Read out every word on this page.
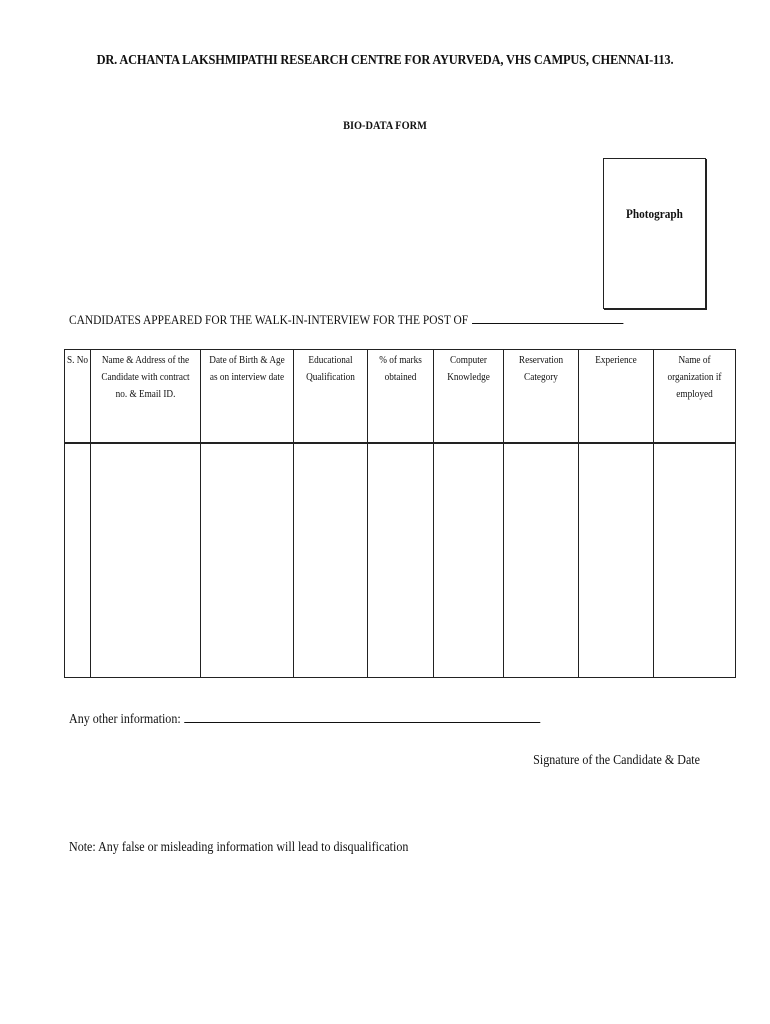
DR. ACHANTA LAKSHMIPATHI RESEARCH CENTRE FOR AYURVEDA, VHS CAMPUS, CHENNAI-113.
BIO-DATA FORM
Photograph
CANDIDATES APPEARED FOR THE WALK-IN-INTERVIEW FOR THE POST OF
S. No	Name & Address of the Candidate with contract no. & Email ID.	Date of Birth & Age as on interview date	Educational Qualification	% of marks obtained	Computer Knowledge	Reservation Category	Experience	Name of organization if employed

Any other information:
Signature of the Candidate & Date
Note: Any false or misleading information will lead to disqualification
